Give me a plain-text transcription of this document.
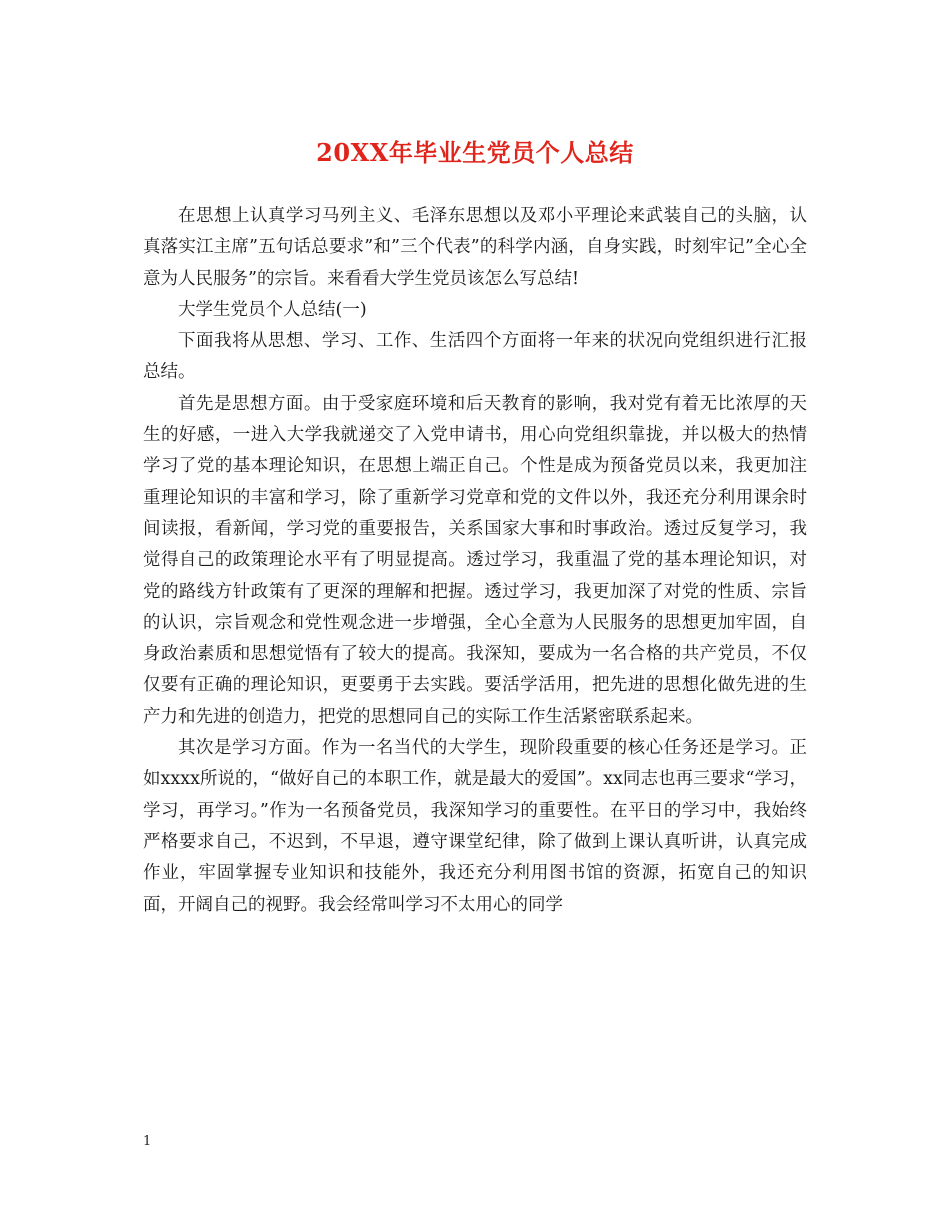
20XX年毕业生党员个人总结

在思想上认真学习马列主义、毛泽东思想以及邓小平理论来武装自己的头脑，认真落实江主席”五句话总要求”和”三个代表”的科学内涵，自身实践，时刻牢记”全心全意为人民服务”的宗旨。来看看大学生党员该怎么写总结!

大学生党员个人总结(一)

下面我将从思想、学习、工作、生活四个方面将一年来的状况向党组织进行汇报总结。

首先是思想方面。由于受家庭环境和后天教育的影响，我对党有着无比浓厚的天生的好感，一进入大学我就递交了入党申请书，用心向党组织靠拢，并以极大的热情学习了党的基本理论知识，在思想上端正自己。个性是成为预备党员以来，我更加注重理论知识的丰富和学习，除了重新学习党章和党的文件以外，我还充分利用课余时间读报，看新闻，学习党的重要报告，关系国家大事和时事政治。透过反复学习，我觉得自己的政策理论水平有了明显提高。透过学习，我重温了党的基本理论知识，对党的路线方针政策有了更深的理解和把握。透过学习，我更加深了对党的性质、宗旨的认识，宗旨观念和党性观念进一步增强，全心全意为人民服务的思想更加牢固，自身政治素质和思想觉悟有了较大的提高。我深知，要成为一名合格的共产党员，不仅仅要有正确的理论知识，更要勇于去实践。要活学活用，把先进的思想化做先进的生产力和先进的创造力，把党的思想同自己的实际工作生活紧密联系起来。

其次是学习方面。作为一名当代的大学生，现阶段重要的核心任务还是学习。正如xxxx所说的，“做好自己的本职工作，就是最大的爱国”。xx同志也再三要求“学习，学习，再学习。”作为一名预备党员，我深知学习的重要性。在平日的学习中，我始终严格要求自己，不迟到，不早退，遵守课堂纪律，除了做到上课认真听讲，认真完成作业，牢固掌握专业知识和技能外，我还充分利用图书馆的资源，拓宽自己的知识面，开阔自己的视野。我会经常叫学习不太用心的同学

1
